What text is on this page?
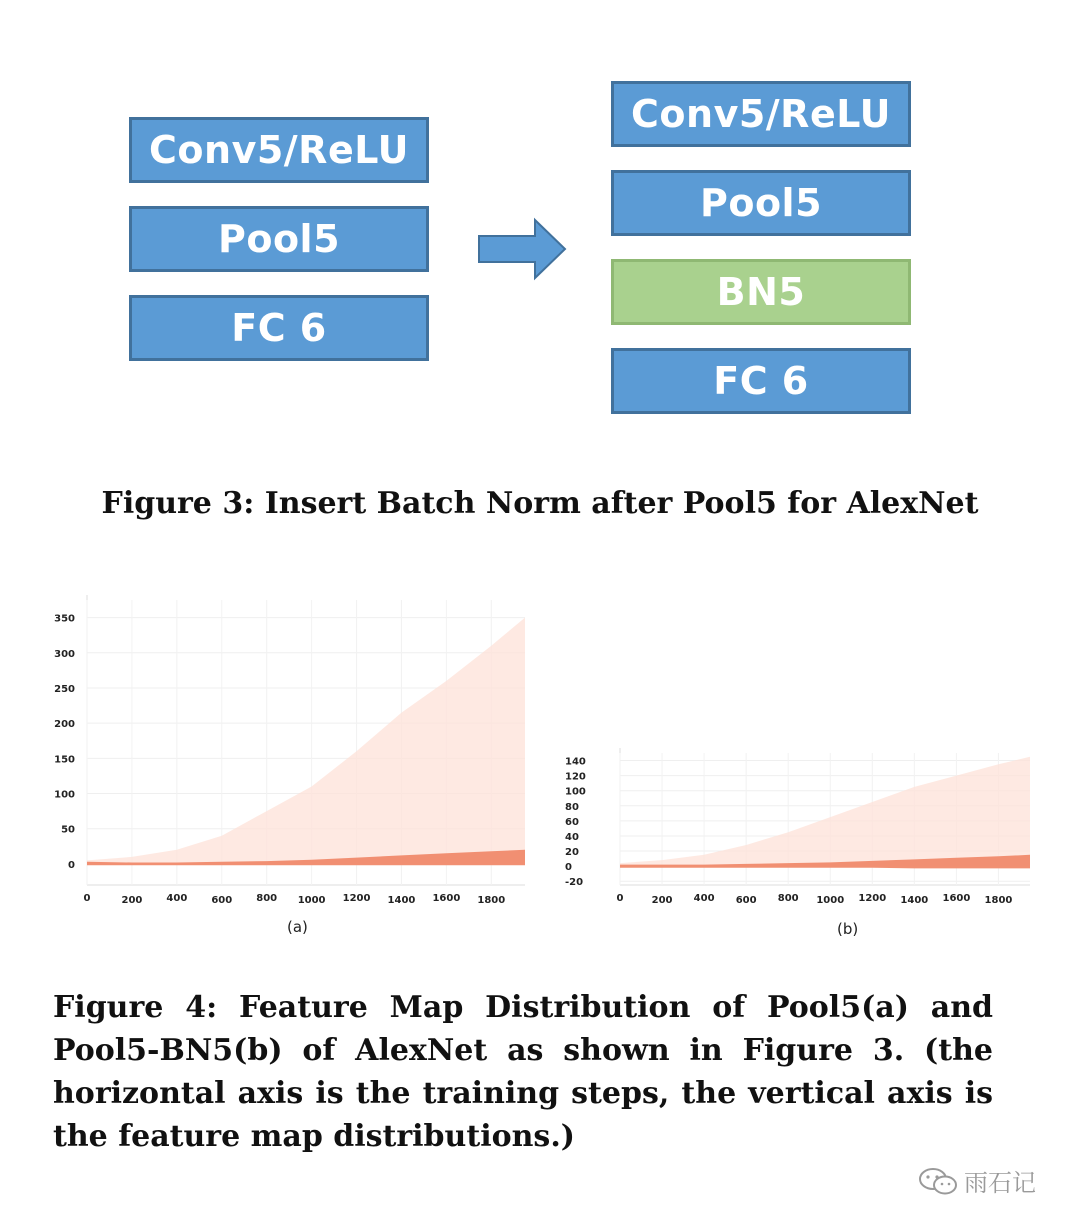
Conv5/ReLU
Pool5
FC 6
Conv5/ReLU
Pool5
BN5
FC 6
Figure 3: Insert Batch Norm after Pool5 for AlexNet
350
300
250
200
150
100
50
0
0	200 400 600 800 1000 1200 1400 1600 1800
(a)
140
120
100
80
60
40
20
0
-20
0	200 400 600 800 1000 1200 1400 1600 1800
(b)
Figure 4: Feature Map Distribution of Pool5(a) and Pool5-BN5(b) of AlexNet as shown in Figure 3. (the horizontal axis is the training steps, the vertical axis is the feature map distributions.)
雨石记
